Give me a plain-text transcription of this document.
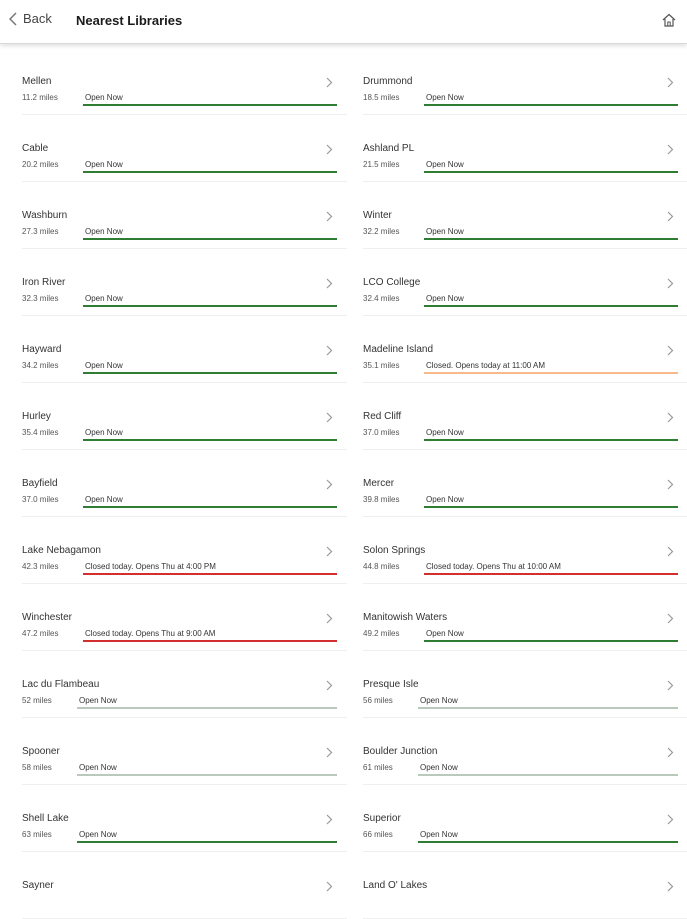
Back Nearest Libraries
Mellen
11.2 miles	Open Now
Drummond
18.5 miles	Open Now
Cable
20.2 miles	Open Now
Ashland PL
21.5 miles	Open Now
Washburn
27.3 miles	Open Now
Winter
32.2 miles	Open Now
Iron River
32.3 miles	Open Now
LCO College
32.4 miles	Open Now
Hayward
34.2 miles	Open Now
Madeline Island
35.1 miles	Closed. Opens today at 11:00 AM
Hurley
35.4 miles	Open Now
Red Cliff
37.0 miles	Open Now
Bayfield
37.0 miles	Open Now
Mercer
39.8 miles	Open Now
Lake Nebagamon
42.3 miles	Closed today. Opens Thu at 4:00 PM
Solon Springs
44.8 miles	Closed today. Opens Thu at 10:00 AM
Winchester
47.2 miles	Closed today. Opens Thu at 9:00 AM
Manitowish Waters
49.2 miles	Open Now
Lac du Flambeau
52 miles	Open Now
Presque Isle
56 miles	Open Now
Spooner
58 miles	Open Now
Boulder Junction
61 miles	Open Now
Shell Lake
63 miles	Open Now
Superior
66 miles	Open Now
Sayner	Land O' Lakes
